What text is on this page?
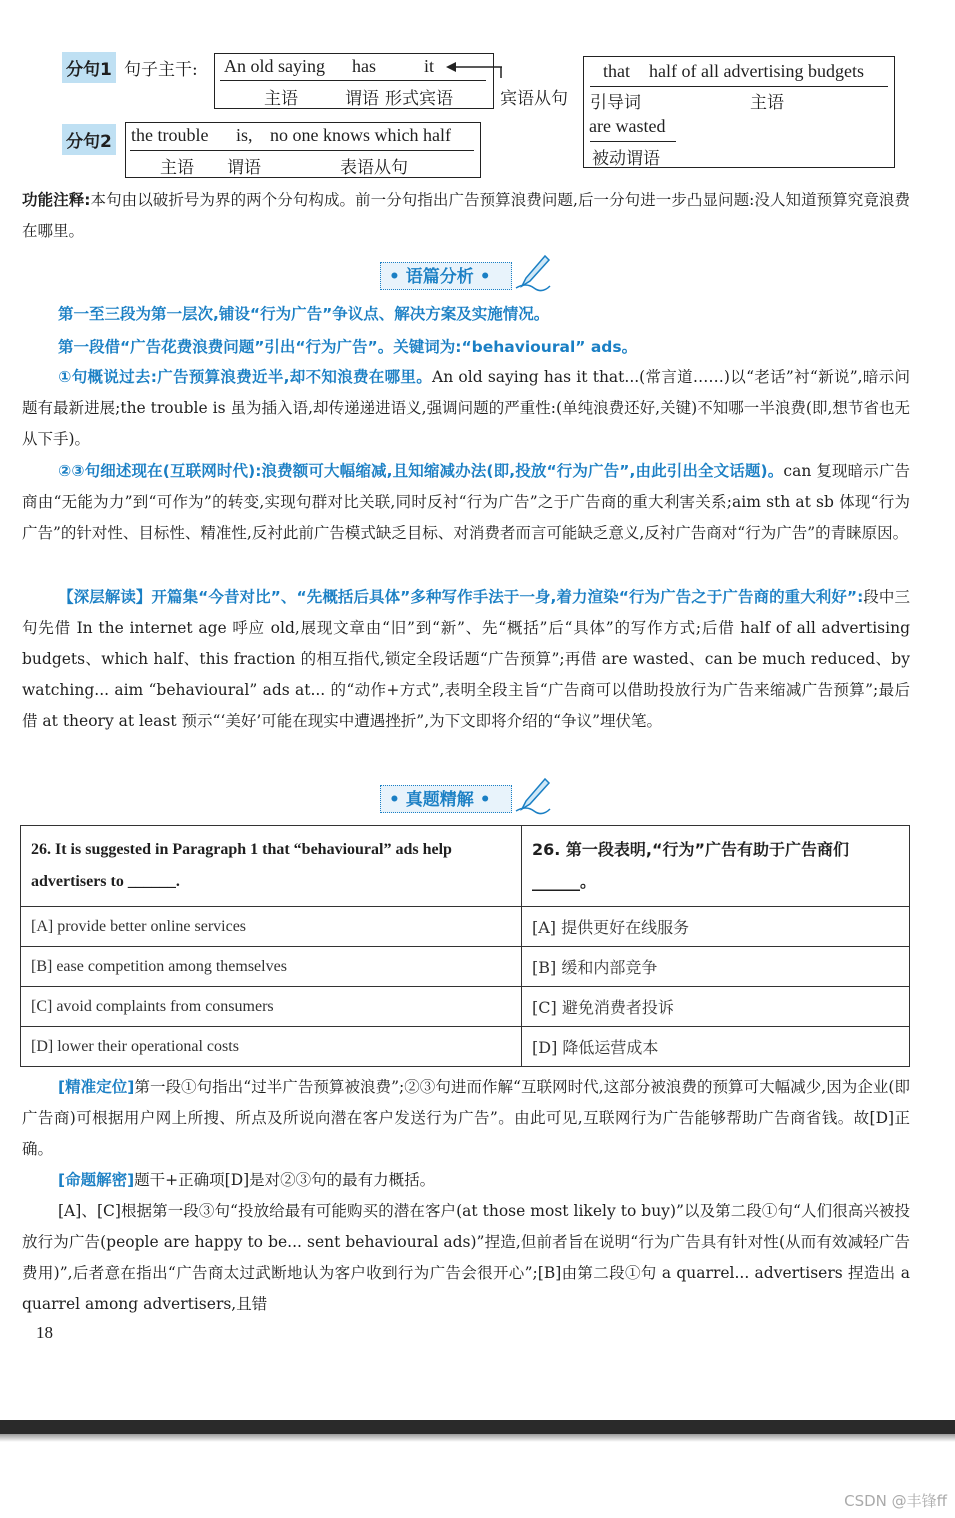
分句1 句子主干: An old saying has	it
主语	谓语 形式宾语	宾语从句
that half of all advertising budgets
引导词	主语
are wasted
被动谓语
分句2 the trouble is, no one knows which half
主语 谓语	表语从句
功能注释:本句由以破折号为界的两个分句构成。前一分句指出广告预算浪费问题,后一分句进一步凸显问题:没人知道预算究竟浪费在哪里。
• 语篇分析 •
第一至三段为第一层次,铺设“行为广告”争议点、解决方案及实施情况。
第一段借“广告花费浪费问题”引出“行为广告”。关键词为:“behavioural” ads。
①句概说过去:广告预算浪费近半,却不知浪费在哪里。An old saying has it that...(常言道……)以“老话”衬“新说”,暗示问题有最新进展;the trouble is 虽为插入语,却传递递进语义,强调问题的严重性:(单纯浪费还好,关键)不知哪一半浪费(即,想节省也无从下手)。
②③句细述现在(互联网时代):浪费额可大幅缩减,且知缩减办法(即,投放“行为广告”,由此引出全文话题)。can 复现暗示广告商由“无能为力”到“可作为”的转变,实现句群对比关联,同时反衬“行为广告”之于广告商的重大利害关系;aim sth at sb 体现“行为广告”的针对性、目标性、精准性,反衬此前广告模式缺乏目标、对消费者而言可能缺乏意义,反衬广告商对“行为广告”的青睐原因。
【深层解读】开篇集“今昔对比”、“先概括后具体”多种写作手法于一身,着力渲染“行为广告之于广告商的重大利好”:段中三句先借 In the internet age 呼应 old,展现文章由“旧”到“新”、先“概括”后“具体”的写作方式;后借 half of all advertising budgets、which half、this fraction 的相互指代,锁定全段话题“广告预算”;再借 are wasted、can be much reduced、by watching... aim “behavioural” ads at... 的“动作+方式”,表明全段主旨“广告商可以借助投放行为广告来缩减广告预算”;最后借 at theory at least 预示“‘美好’可能在现实中遭遇挫折”,为下文即将介绍的“争议”埋伏笔。
• 真题精解 •
26. It is suggested in Paragraph 1 that “behavioural” ads help advertisers to ______.	26. 第一段表明,“行为”广告有助于广告商们______。
[A] provide better online services	[A] 提供更好在线服务
[B] ease competition among themselves	[B] 缓和内部竞争
[C] avoid complaints from consumers	[C] 避免消费者投诉
[D] lower their operational costs	[D] 降低运营成本
[精准定位]第一段①句指出“过半广告预算被浪费”;②③句进而作解“互联网时代,这部分被浪费的预算可大幅减少,因为企业(即广告商)可根据用户网上所搜、所点及所说向潜在客户发送行为广告”。由此可见,互联网行为广告能够帮助广告商省钱。故[D]正确。
[命题解密]题干+正确项[D]是对②③句的最有力概括。
[A]、[C]根据第一段③句“投放给最有可能购买的潜在客户(at those most likely to buy)”以及第二段①句“人们很高兴被投放行为广告(people are happy to be... sent behavioural ads)”捏造,但前者旨在说明“行为广告具有针对性(从而有效减轻广告费用)”,后者意在指出“广告商太过武断地认为客户收到行为广告会很开心”;[B]由第二段①句 a quarrel... advertisers 捏造出 a quarrel among advertisers,且错
18
CSDN @丰锋ff
